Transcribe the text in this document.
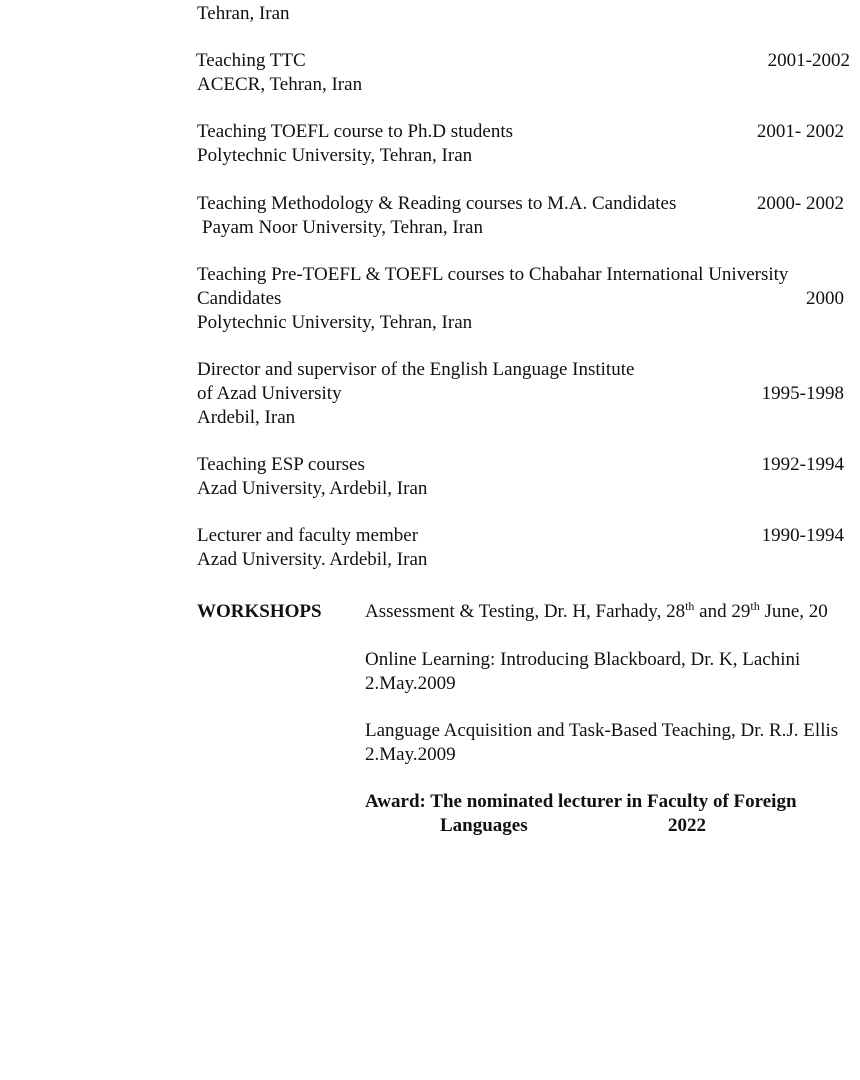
Tehran, Iran
Teaching TTC	2001-2002
ACECR, Tehran, Iran
Teaching TOEFL course to Ph.D students	2001- 2002
Polytechnic University, Tehran, Iran
Teaching Methodology & Reading courses to M.A. Candidates	2000- 2002
Payam Noor University, Tehran, Iran
Teaching Pre-TOEFL & TOEFL courses to Chabahar International University
Candidates	2000
Polytechnic University, Tehran, Iran
Director and supervisor of the English Language Institute
of Azad University	1995-1998
Ardebil, Iran
Teaching ESP courses	1992-1994
Azad University, Ardebil, Iran
Lecturer and faculty member	1990-1994
Azad University. Ardebil, Iran
WORKSHOPS Assessment & Testing, Dr. H, Farhady, 28th and 29th June, 20
Online Learning: Introducing Blackboard, Dr. K, Lachini
2.May.2009
Language Acquisition and Task-Based Teaching, Dr. R.J. Ellis
2.May.2009
Award: The nominated lecturer in Faculty of Foreign
Languages	2022
